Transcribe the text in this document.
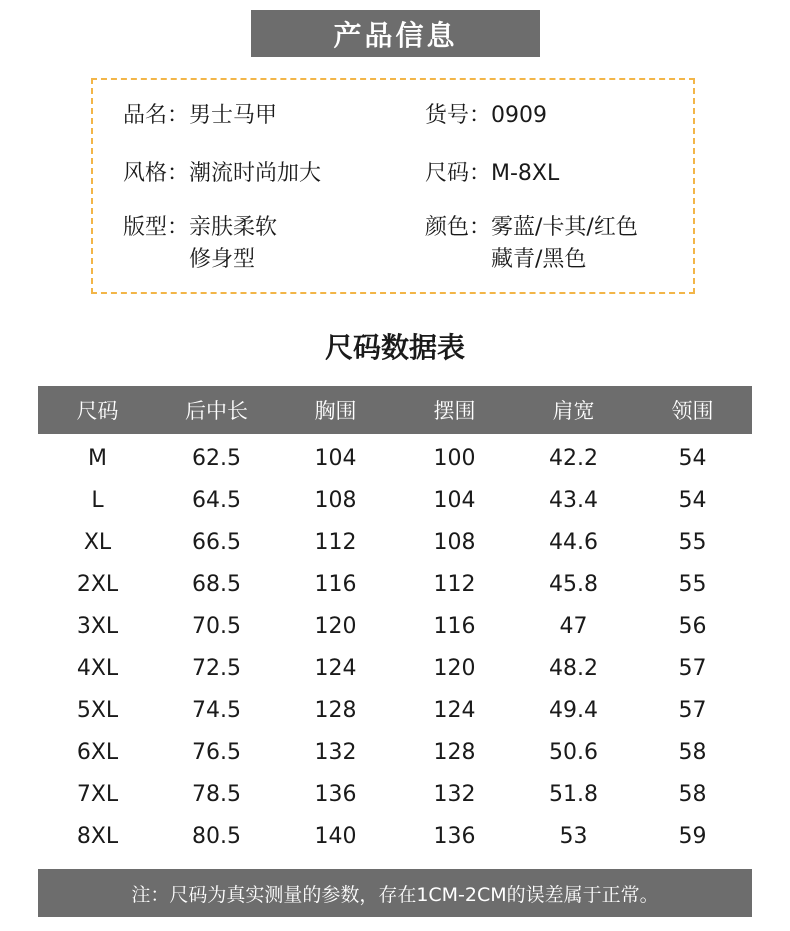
产品信息
品名：男士马甲	货号：0909
风格：潮流时尚加大	尺码：M-8XL
版型：亲肤柔软
修身型
颜色：雾蓝/卡其/红色
藏青/黑色
尺码数据表
尺码	后中长	胸围	摆围	肩宽	领围
M	62.5	104	100	42.2	54
L	64.5	108	104	43.4	54
XL	66.5	112	108	44.6	55
2XL	68.5	116	112	45.8	55
3XL	70.5	120	116	47	56
4XL	72.5	124	120	48.2	57
5XL	74.5	128	124	49.4	57
6XL	76.5	132	128	50.6	58
7XL	78.5	136	132	51.8	58
8XL	80.5	140	136	53	59
注：尺码为真实测量的参数，存在1CM-2CM的误差属于正常。
